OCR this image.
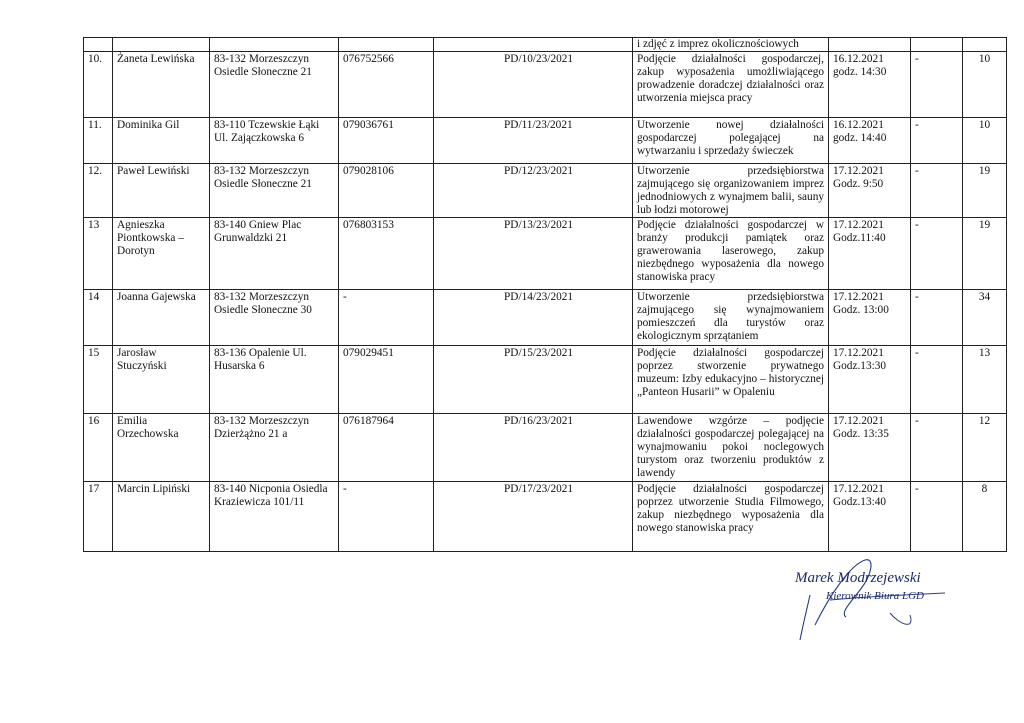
					i zdjęć z imprez okolicznościowych			
10.	Żaneta Lewińska	83-132 Morzeszczyn Osiedle Słoneczne 21	076752566	PD/10/23/2021	Podjęcie działalności gospodarczej, zakup wyposażenia umożliwiającego prowadzenie doradczej działalności oraz utworzenia miejsca pracy	16.12.2021 godz. 14:30	-	10
11.	Dominika Gil	83-110 Tczewskie Łąki Ul. Zajączkowska 6	079036761	PD/11/23/2021	Utworzenie nowej działalności gospodarczej polegającej na wytwarzaniu i sprzedaży świeczek	16.12.2021 godz. 14:40	-	10
12.	Paweł Lewiński	83-132 Morzeszczyn Osiedle Słoneczne 21	079028106	PD/12/23/2021	Utworzenie przedsiębiorstwa zajmującego się organizowaniem imprez jednodniowych z wynajmem balii, sauny lub łodzi motorowej	17.12.2021 Godz. 9:50	-	19
13	Agnieszka Piontkowska – Dorotyn	83-140 Gniew Plac Grunwaldzki 21	076803153	PD/13/23/2021	Podjęcie działalności gospodarczej w branży produkcji pamiątek oraz grawerowania laserowego, zakup niezbędnego wyposażenia dla nowego stanowiska pracy	17.12.2021 Godz.11:40	-	19
14	Joanna Gajewska	83-132 Morzeszczyn Osiedle Słoneczne 30	-	PD/14/23/2021	Utworzenie przedsiębiorstwa zajmującego się wynajmowaniem pomieszczeń dla turystów oraz ekologicznym sprzątaniem	17.12.2021 Godz. 13:00	-	34
15	Jarosław Stuczyński	83-136 Opalenie Ul. Husarska 6	079029451	PD/15/23/2021	Podjęcie działalności gospodarczej poprzez stworzenie prywatnego muzeum: Izby edukacyjno – historycznej „Panteon Husarii” w Opaleniu	17.12.2021 Godz.13:30	-	13
16	Emilia Orzechowska	83-132 Morzeszczyn Dzierżążno 21 a	076187964	PD/16/23/2021	Lawendowe wzgórze – podjęcie działalności gospodarczej polegającej na wynajmowaniu pokoi noclegowych turystom oraz tworzeniu produktów z lawendy	17.12.2021 Godz. 13:35	-	12
17	Marcin Lipiński	83-140 Nicponia Osiedla Kraziewicza 101/11	-	PD/17/23/2021	Podjęcie działalności gospodarczej poprzez utworzenie Studia Filmowego, zakup niezbędnego wyposażenia dla nowego stanowiska pracy	17.12.2021 Godz.13:40	-	8
Marek Modrzejewski
Kierownik Biura LGD
